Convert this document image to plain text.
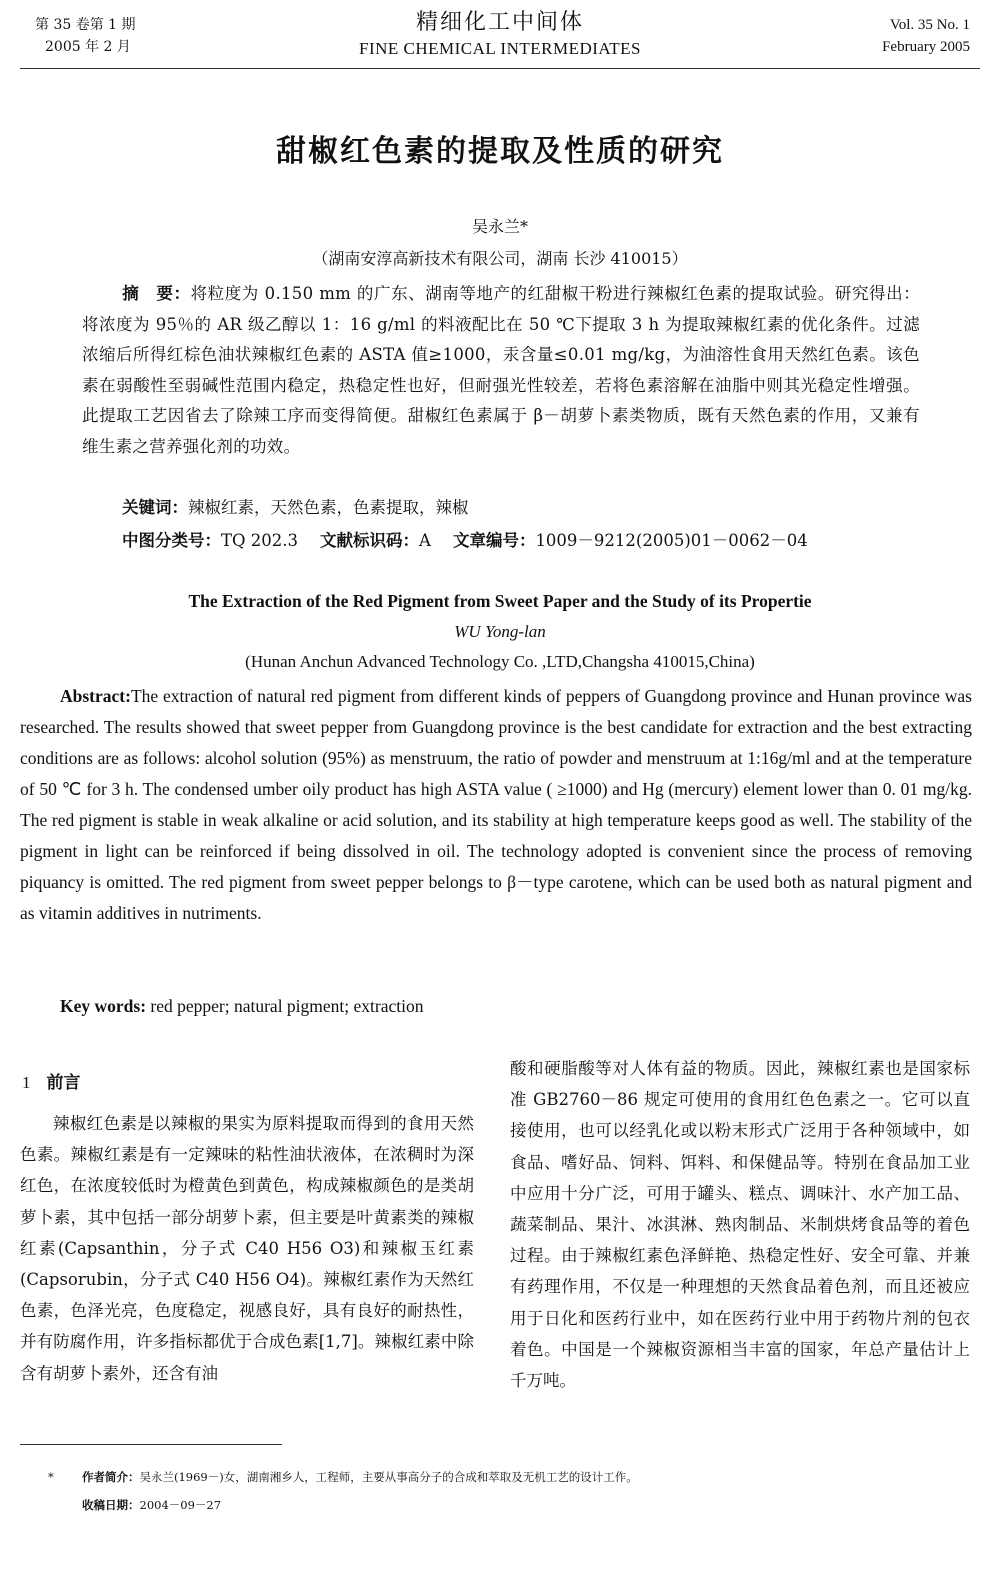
第 35 卷第 1 期
2005 年 2 月
精细化工中间体
FINE CHEMICAL INTERMEDIATES
Vol. 35 No. 1
February 2005
甜椒红色素的提取及性质的研究
吴永兰*
（湖南安淳高新技术有限公司，湖南 长沙 410015）
摘　要：将粒度为 0.150 mm 的广东、湖南等地产的红甜椒干粉进行辣椒红色素的提取试验。研究得出：将浓度为 95％的 AR 级乙醇以 1：16 g/ml 的料液配比在 50 ℃下提取 3 h 为提取辣椒红素的优化条件。过滤浓缩后所得红棕色油状辣椒红色素的 ASTA 值≥1000，汞含量≤0.01 mg/kg，为油溶性食用天然红色素。该色素在弱酸性至弱碱性范围内稳定，热稳定性也好，但耐强光性较差，若将色素溶解在油脂中则其光稳定性增强。此提取工艺因省去了除辣工序而变得简便。甜椒红色素属于 β－胡萝卜素类物质，既有天然色素的作用，又兼有维生素之营养强化剂的功效。
关键词：辣椒红素，天然色素，色素提取，辣椒
中图分类号：TQ 202.3 文献标识码：A 文章编号：1009－9212(2005)01－0062－04
The Extraction of the Red Pigment from Sweet Paper and the Study of its Propertie
WU Yong-lan
(Hunan Anchun Advanced Technology Co. ,LTD,Changsha 410015,China)
Abstract:The extraction of natural red pigment from different kinds of peppers of Guangdong province and Hunan province was researched. The results showed that sweet pepper from Guangdong province is the best candidate for extraction and the best extracting conditions are as follows: alcohol solution (95%) as menstruum, the ratio of powder and menstruum at 1:16g/ml and at the temperature of 50 ℃ for 3 h. The condensed umber oily product has high ASTA value ( ≥1000) and Hg (mercury) element lower than 0. 01 mg/kg. The red pigment is stable in weak alkaline or acid solution, and its stability at high temperature keeps good as well. The stability of the pigment in light can be reinforced if being dissolved in oil. The technology adopted is convenient since the process of removing piquancy is omitted. The red pigment from sweet pepper belongs to β－type carotene, which can be used both as natural pigment and as vitamin additives in nutriments.
Key words: red pepper; natural pigment; extraction
1 前言
辣椒红色素是以辣椒的果实为原料提取而得到的食用天然色素。辣椒红素是有一定辣味的粘性油状液体，在浓稠时为深红色，在浓度较低时为橙黄色到黄色，构成辣椒颜色的是类胡萝卜素，其中包括一部分胡萝卜素，但主要是叶黄素类的辣椒红素(Capsanthin，分子式 C40 H56 O3)和辣椒玉红素(Capsorubin，分子式 C40 H56 O4)。辣椒红素作为天然红色素，色泽光亮，色度稳定，视感良好，具有良好的耐热性，并有防腐作用，许多指标都优于合成色素[1,7]。辣椒红素中除含有胡萝卜素外，还含有油
酸和硬脂酸等对人体有益的物质。因此，辣椒红素也是国家标准 GB2760－86 规定可使用的食用红色色素之一。它可以直接使用，也可以经乳化或以粉末形式广泛用于各种领域中，如食品、嗜好品、饲料、饵料、和保健品等。特别在食品加工业中应用十分广泛，可用于罐头、糕点、调味汁、水产加工品、蔬菜制品、果汁、冰淇淋、熟肉制品、米制烘烤食品等的着色过程。由于辣椒红素色泽鲜艳、热稳定性好、安全可靠、并兼有药理作用，不仅是一种理想的天然食品着色剂，而且还被应用于日化和医药行业中，如在医药行业中用于药物片剂的包衣着色。中国是一个辣椒资源相当丰富的国家，年总产量估计上千万吨。
* 作者简介：吴永兰(1969－)女，湖南湘乡人，工程师，主要从事高分子的合成和萃取及无机工艺的设计工作。
收稿日期：2004－09－27
